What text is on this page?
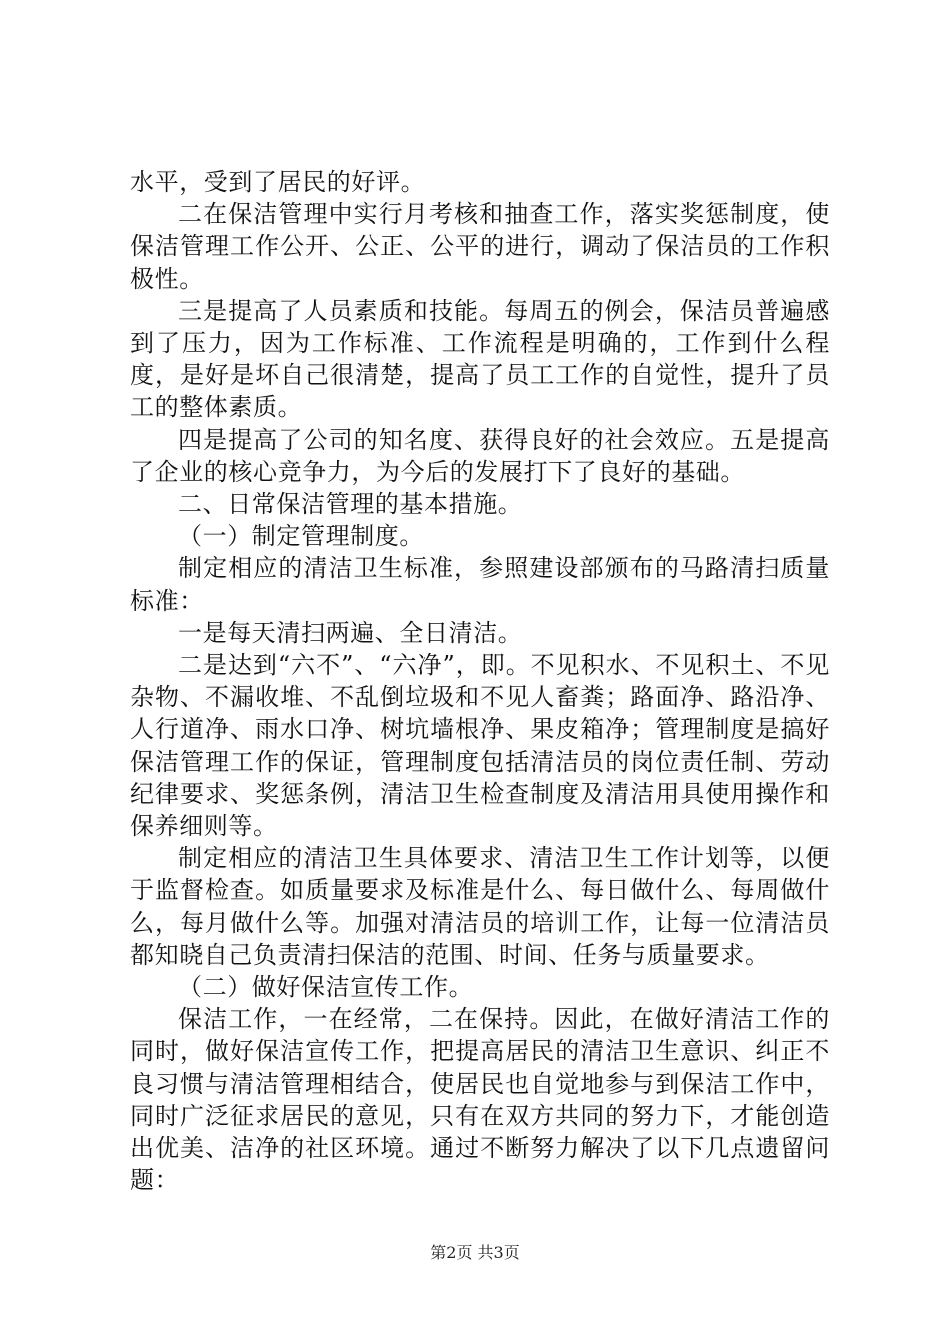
水平，受到了居民的好评。

二在保洁管理中实行月考核和抽查工作，落实奖惩制度，使保洁管理工作公开、公正、公平的进行，调动了保洁员的工作积极性。

三是提高了人员素质和技能。每周五的例会，保洁员普遍感到了压力，因为工作标准、工作流程是明确的，工作到什么程度，是好是坏自己很清楚，提高了员工工作的自觉性，提升了员工的整体素质。

四是提高了公司的知名度、获得良好的社会效应。五是提高了企业的核心竞争力，为今后的发展打下了良好的基础。

二、日常保洁管理的基本措施。

（一）制定管理制度。

制定相应的清洁卫生标准，参照建设部颁布的马路清扫质量标准：

一是每天清扫两遍、全日清洁。

二是达到“六不”、“六净”，即。不见积水、不见积土、不见杂物、不漏收堆、不乱倒垃圾和不见人畜粪；路面净、路沿净、人行道净、雨水口净、树坑墙根净、果皮箱净；管理制度是搞好保洁管理工作的保证，管理制度包括清洁员的岗位责任制、劳动纪律要求、奖惩条例，清洁卫生检查制度及清洁用具使用操作和保养细则等。

制定相应的清洁卫生具体要求、清洁卫生工作计划等，以便于监督检查。如质量要求及标准是什么、每日做什么、每周做什么，每月做什么等。加强对清洁员的培训工作，让每一位清洁员都知晓自己负责清扫保洁的范围、时间、任务与质量要求。

（二）做好保洁宣传工作。

保洁工作，一在经常，二在保持。因此，在做好清洁工作的同时，做好保洁宣传工作，把提高居民的清洁卫生意识、纠正不良习惯与清洁管理相结合，使居民也自觉地参与到保洁工作中，同时广泛征求居民的意见，只有在双方共同的努力下，才能创造出优美、洁净的社区环境。通过不断努力解决了以下几点遗留问题：

第2页 共3页
